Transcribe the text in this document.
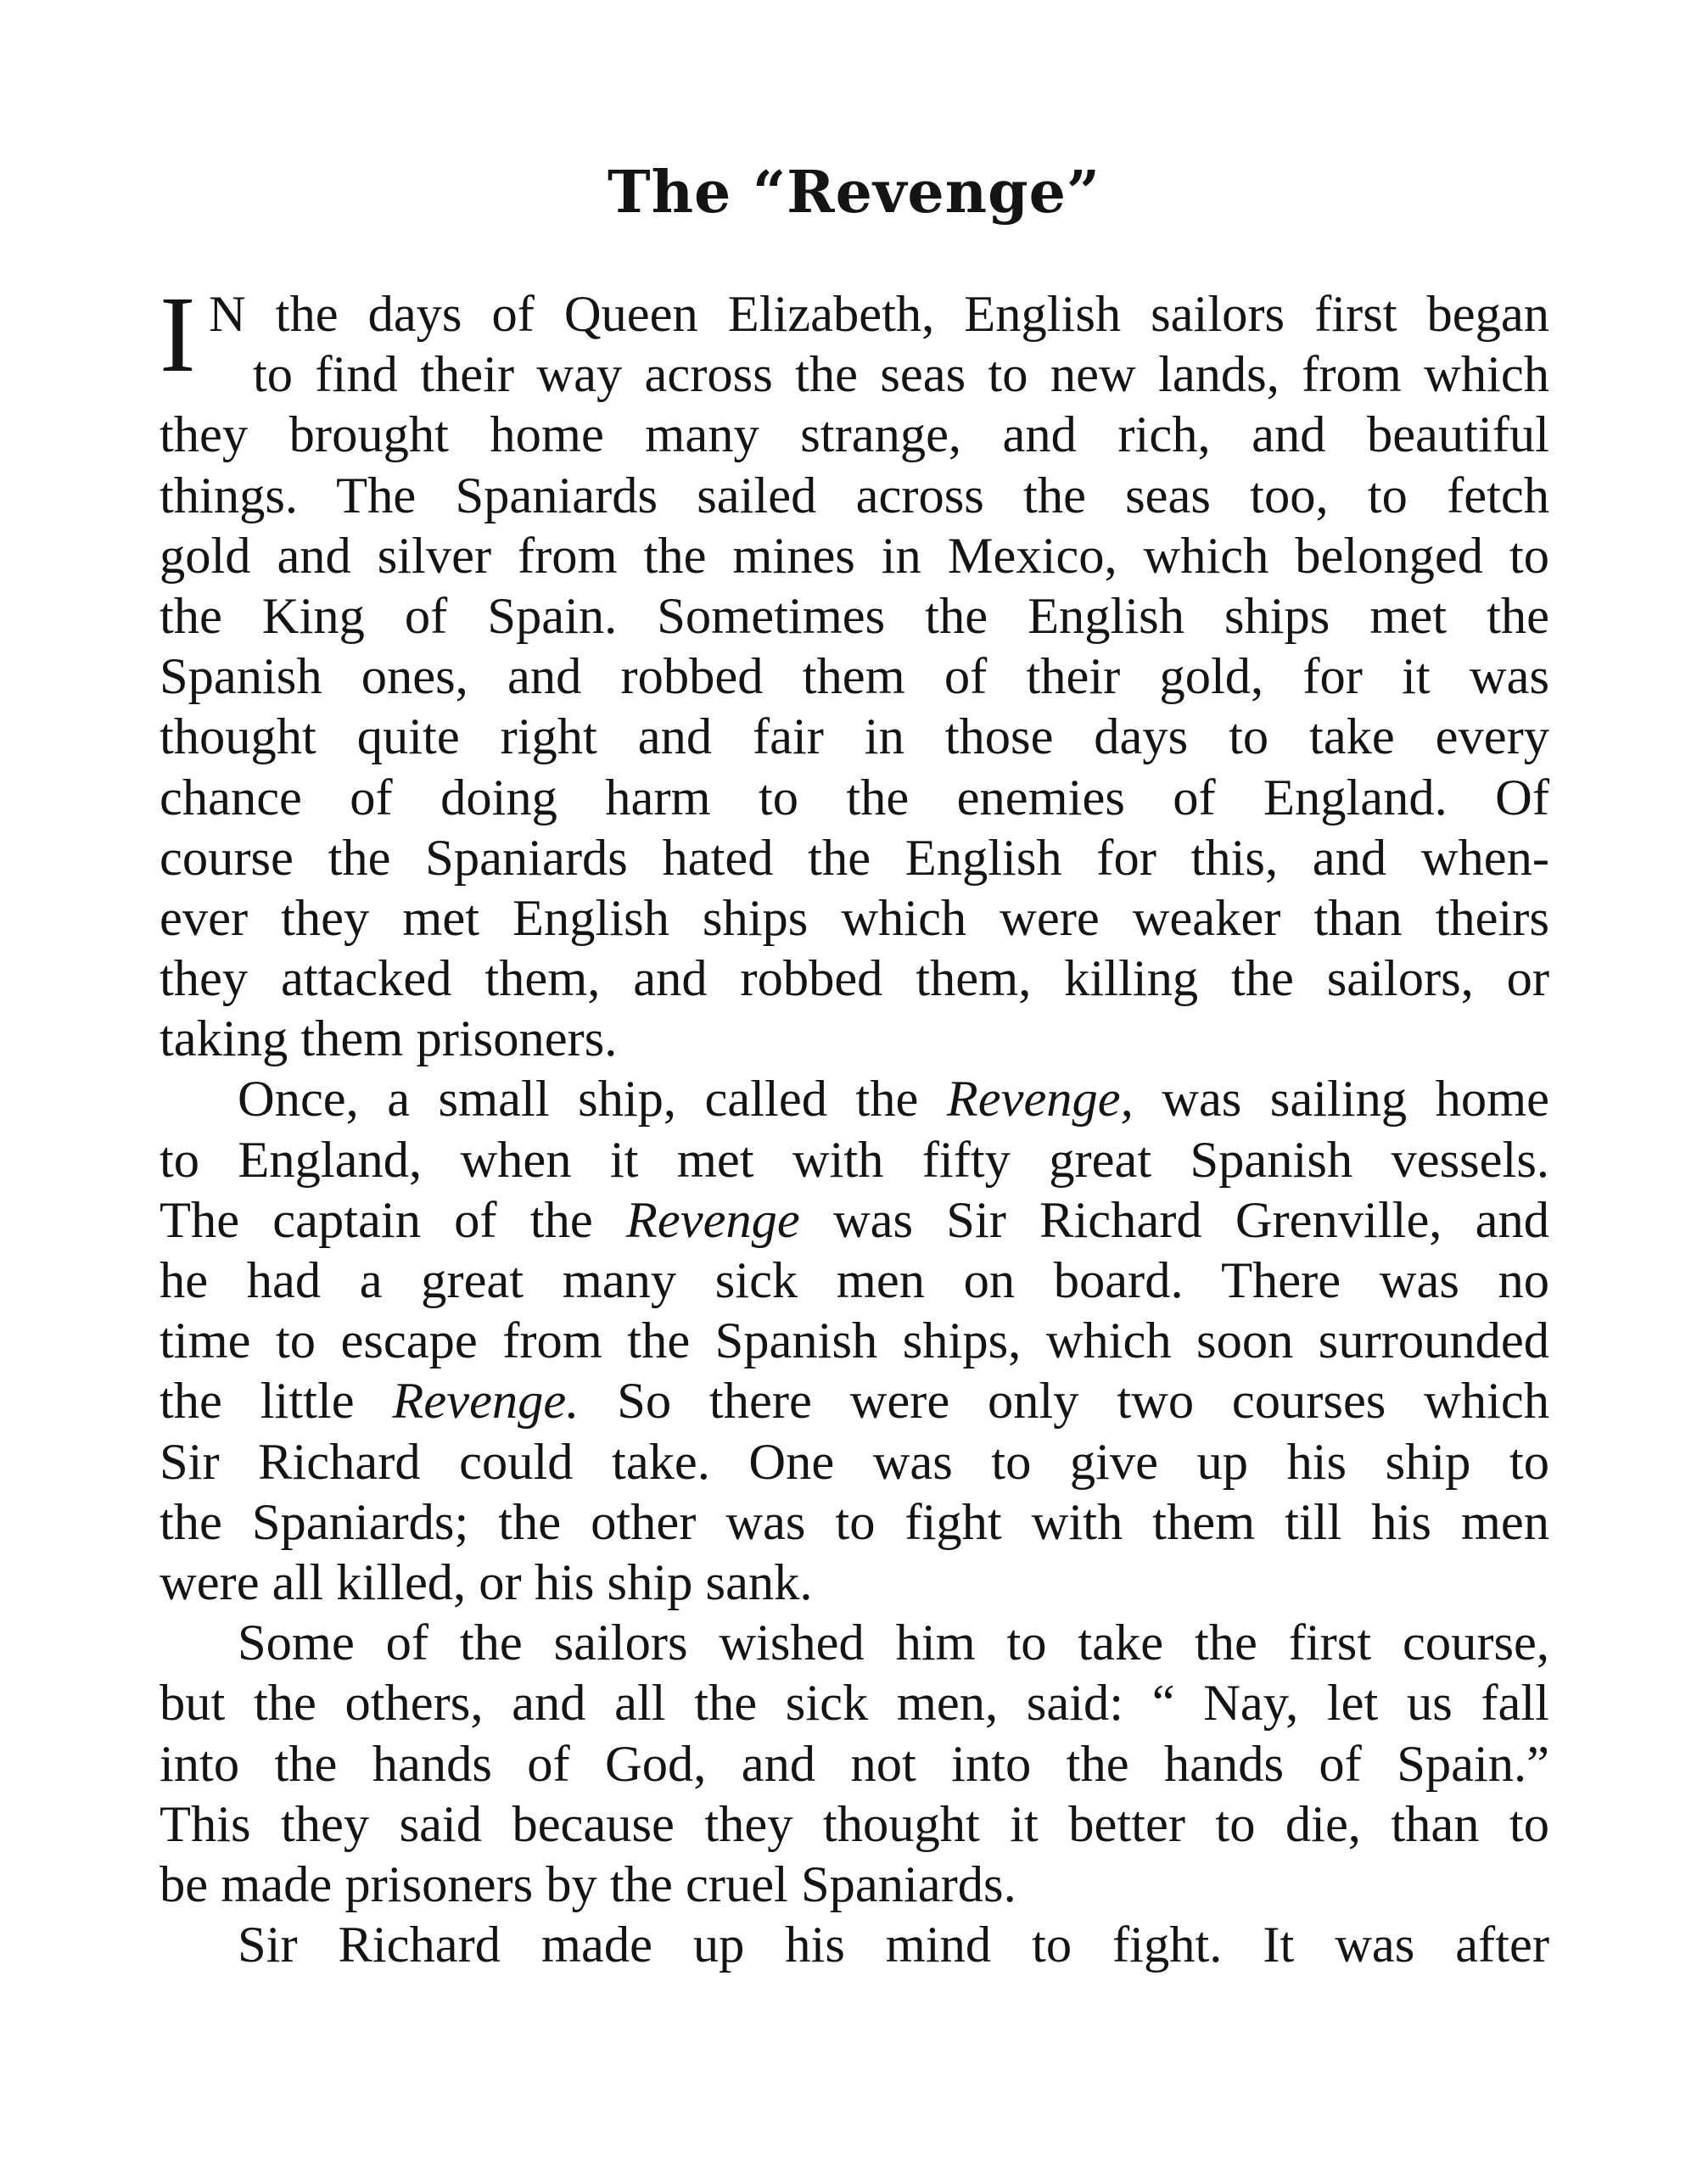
The “Revenge”
I N the days of Queen Elizabeth, English sailors first began
to find their way across the seas to new lands, from which
they brought home many strange, and rich, and beautiful
things. The Spaniards sailed across the seas too, to fetch
gold and silver from the mines in Mexico, which belonged to
the King of Spain. Sometimes the English ships met the
Spanish ones, and robbed them of their gold, for it was
thought quite right and fair in those days to take every
chance of doing harm to the enemies of England. Of
course the Spaniards hated the English for this, and when-
ever they met English ships which were weaker than theirs
they attacked them, and robbed them, killing the sailors, or
taking them prisoners.
Once, a small ship, called the Revenge, was sailing home
to England, when it met with fifty great Spanish vessels.
The captain of the Revenge was Sir Richard Grenville, and
he had a great many sick men on board. There was no
time to escape from the Spanish ships, which soon surrounded
the little Revenge. So there were only two courses which
Sir Richard could take. One was to give up his ship to
the Spaniards; the other was to fight with them till his men
were all killed, or his ship sank.
Some of the sailors wished him to take the first course,
but the others, and all the sick men, said: “ Nay, let us fall
into the hands of God, and not into the hands of Spain.”
This they said because they thought it better to die, than to
be made prisoners by the cruel Spaniards.
Sir Richard made up his mind to fight. It was after
